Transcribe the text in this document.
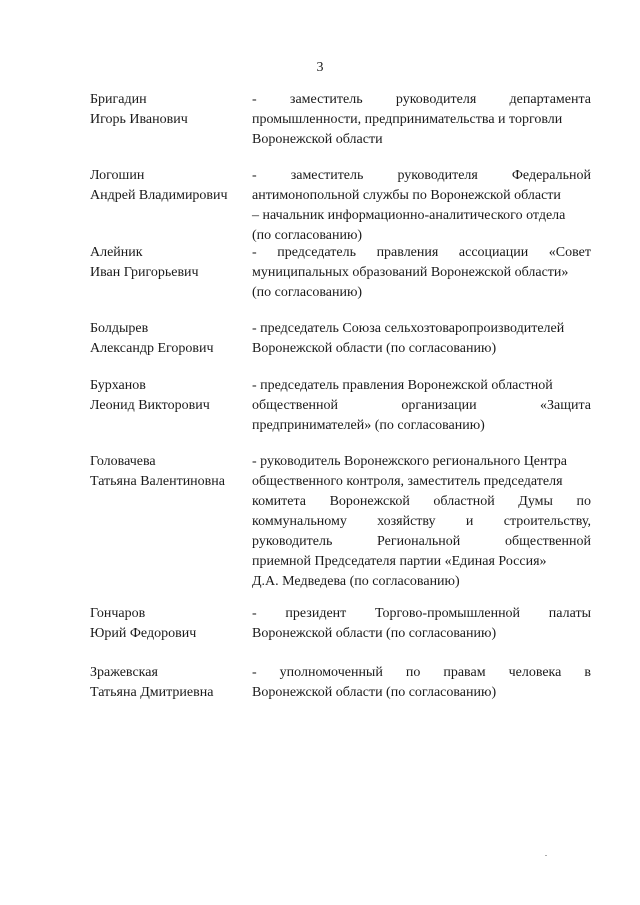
3
Бригадин
Игорь Иванович
- заместитель руководителя департамента
промышленности, предпринимательства и торговли
Воронежской области
Логошин
Андрей Владимирович
- заместитель руководителя Федеральной
антимонопольной службы по Воронежской области
– начальник информационно-аналитического отдела
(по согласованию)
Алейник
Иван Григорьевич
- председатель правления ассоциации «Совет
муниципальных образований Воронежской области»
(по согласованию)
Болдырев
Александр Егорович
- председатель Союза сельхозтоваропроизводителей
Воронежской области (по согласованию)
Бурханов
Леонид Викторович
- председатель правления Воронежской областной
общественной организации «Защита
предпринимателей» (по согласованию)
Головачева
Татьяна Валентиновна
- руководитель Воронежского регионального Центра
общественного контроля, заместитель председателя
комитета Воронежской областной Думы по
коммунальному хозяйству и строительству,
руководитель Региональной общественной
приемной Председателя партии «Единая Россия»
Д.А. Медведева (по согласованию)
Гончаров
Юрий Федорович
- президент Торгово-промышленной палаты
Воронежской области (по согласованию)
Зражевская
Татьяна Дмитриевна
- уполномоченный по правам человека в
Воронежской области (по согласованию)
